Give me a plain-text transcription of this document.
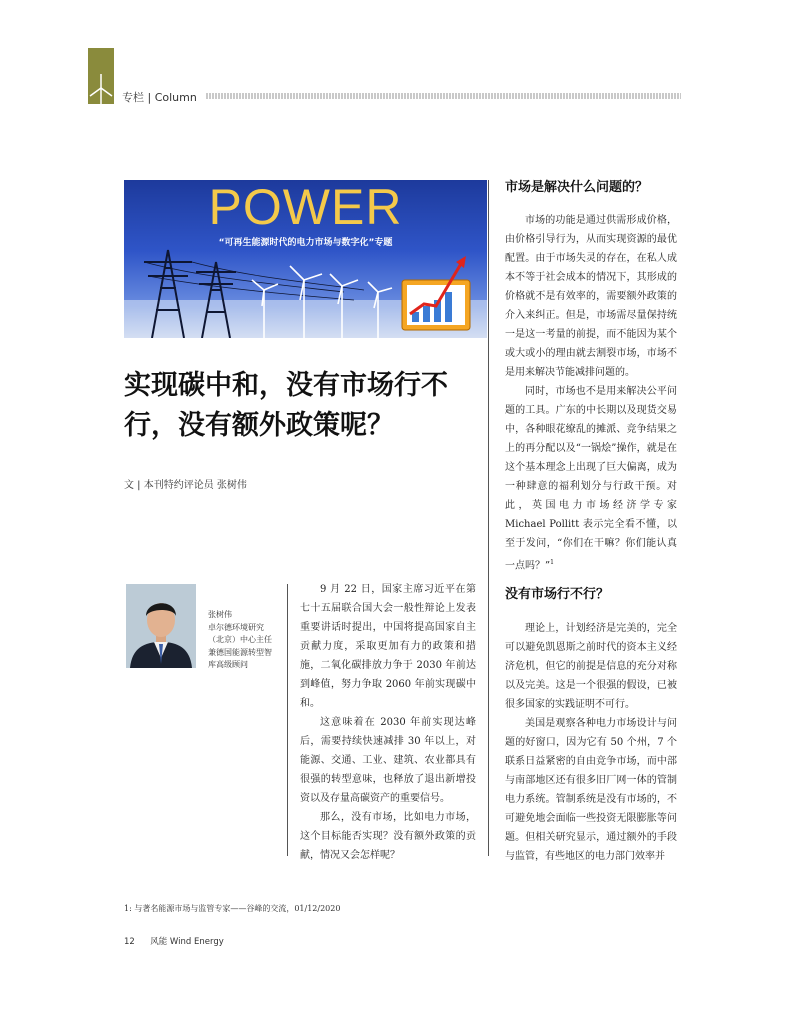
专栏 | Column
POWER
“可再生能源时代的电力市场与数字化”专题
实现碳中和，没有市场行不行，没有额外政策呢？
文 | 本刊特约评论员 张树伟
张树伟
卓尔德环境研究（北京）中心主任兼德国能源转型智库高级顾问

9 月 22 日，国家主席习近平在第七十五届联合国大会一般性辩论上发表重要讲话时提出，中国将提高国家自主贡献力度，采取更加有力的政策和措施，二氧化碳排放力争于 2030 年前达到峰值，努力争取 2060 年前实现碳中和。

这意味着在 2030 年前实现达峰后，需要持续快速减排 30 年以上，对能源、交通、工业、建筑、农业都具有很强的转型意味，也释放了退出新增投资以及存量高碳资产的重要信号。

那么，没有市场，比如电力市场，这个目标能否实现？没有额外政策的贡献，情况又会怎样呢？

市场是解决什么问题的？

市场的功能是通过供需形成价格，由价格引导行为，从而实现资源的最优配置。由于市场失灵的存在，在私人成本不等于社会成本的情况下，其形成的价格就不是有效率的，需要额外政策的介入来纠正。但是，市场需尽量保持统一是这一考量的前提，而不能因为某个或大或小的理由就去割裂市场，市场不是用来解决节能减排问题的。

同时，市场也不是用来解决公平问题的工具。广东的中长期以及现货交易中，各种眼花缭乱的摊派、竞争结果之上的再分配以及“一锅烩”操作，就是在这个基本理念上出现了巨大偏离，成为一种肆意的福利划分与行政干预。对此，英国电力市场经济学专家 Michael Pollitt 表示完全看不懂，以至于发问，“你们在干嘛？你们能认真一点吗？”$^1$

没有市场行不行？

理论上，计划经济是完美的，完全可以避免凯恩斯之前时代的资本主义经济危机，但它的前提是信息的充分对称以及完美。这是一个很强的假设，已被很多国家的实践证明不可行。

美国是观察各种电力市场设计与问题的好窗口，因为它有 50 个州，7 个联系日益紧密的自由竞争市场，而中部与南部地区还有很多旧厂网一体的管制电力系统。管制系统是没有市场的，不可避免地会面临一些投资无限膨胀等问题。但相关研究显示，通过额外的手段与监管，有些地区的电力部门效率并

1: 与著名能源市场与监管专家——谷峰的交流，01/12/2020
12 风能 Wind Energy
